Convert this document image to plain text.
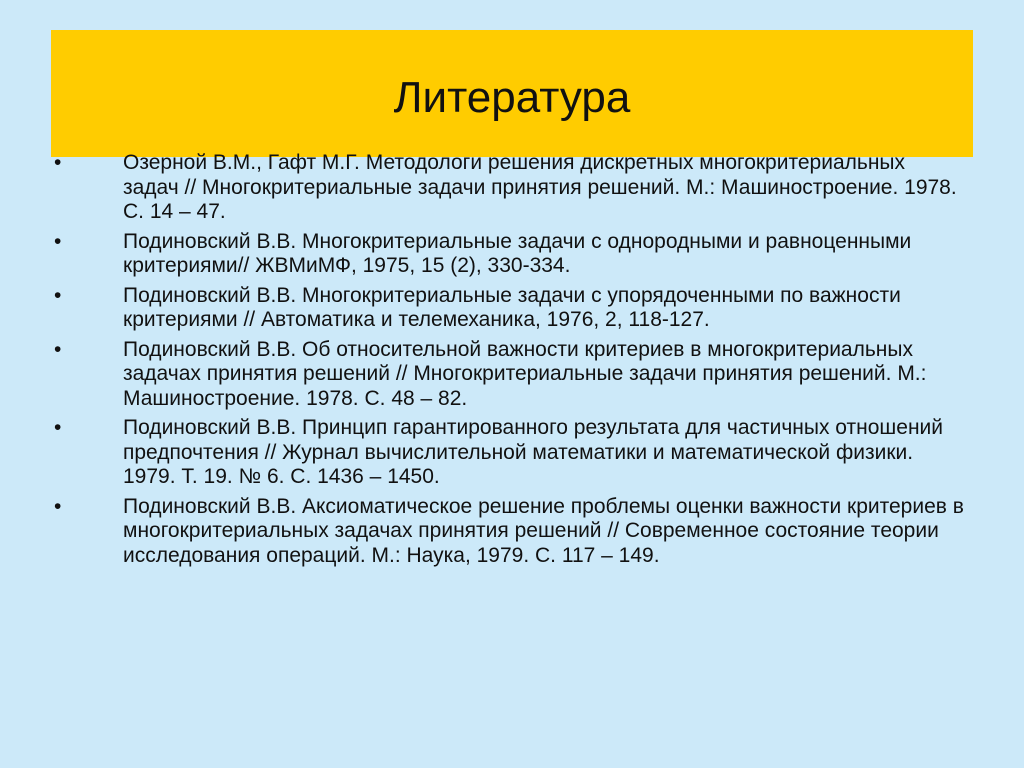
Литература
•	Озерной В.М., Гафт М.Г. Методологи решения дискретных многокритериальных задач // Многокритериальные задачи принятия решений. М.: Машиностроение. 1978. С. 14 – 47.
•	Подиновский В.В. Многокритериальные задачи с однородными и равноценными критериями// ЖВМиМФ, 1975, 15 (2), 330-334.
•	Подиновский В.В. Многокритериальные задачи с упорядоченными по важности критериями // Автоматика и телемеханика, 1976, 2, 118-127.
•	Подиновский В.В. Об относительной важности критериев в многокритериальных задачах принятия решений // Многокритериальные задачи принятия решений. М.: Машиностроение. 1978. С. 48 – 82.
•	Подиновский В.В. Принцип гарантированного результата для частичных отношений предпочтения // Журнал вычислительной математики и математической физики. 1979. Т. 19. № 6. С. 1436 – 1450.
•	Подиновский В.В. Аксиоматическое решение проблемы оценки важности критериев в многокритериальных задачах принятия решений // Современное состояние теории исследования операций. М.: Наука, 1979. С. 117 – 149.
